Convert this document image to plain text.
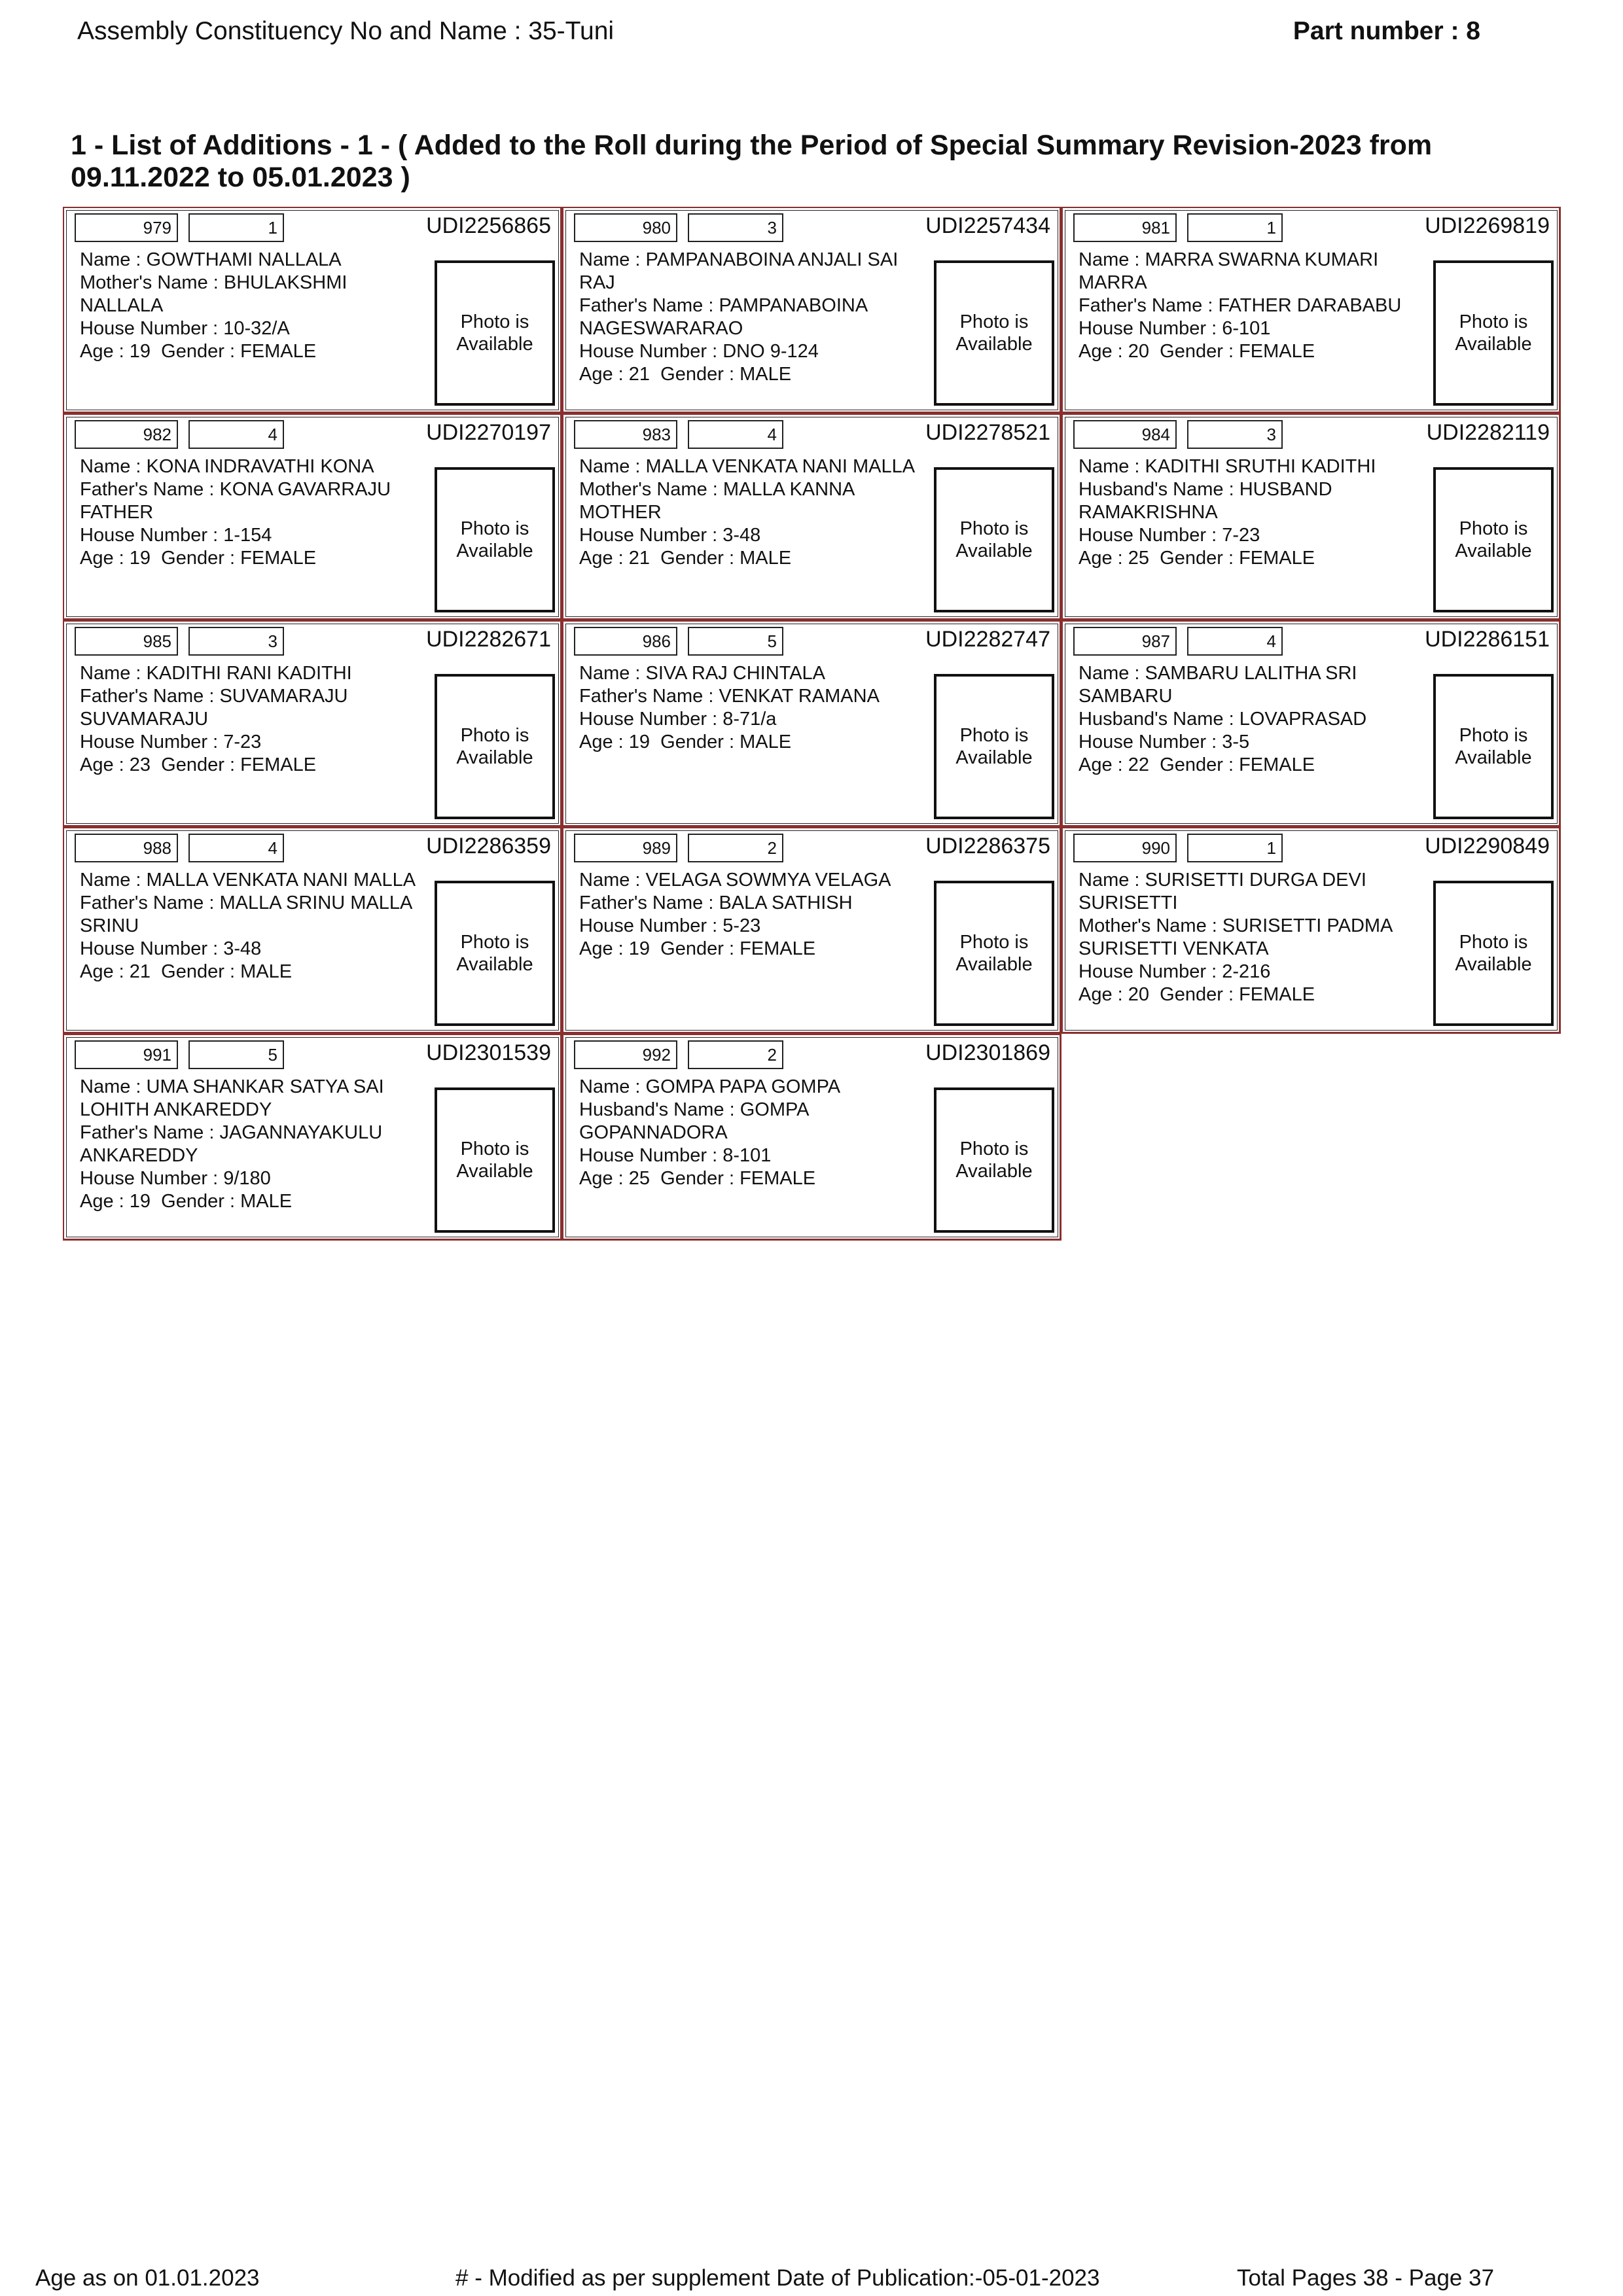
Assembly Constituency No and Name : 35-Tuni	Part number : 8
1 - List of Additions - 1 - ( Added to the Roll during the Period of Special Summary Revision-2023 from 09.11.2022 to 05.01.2023 )
979	1	UDI2256865
Name : GOWTHAMI NALLALA
Mother's Name : BHULAKSHMI NALLALA
House Number : 10-32/A
Age : 19 Gender : FEMALE
Photo is
Available
980	3	UDI2257434
Name : PAMPANABOINA ANJALI SAI RAJ
Father's Name : PAMPANABOINA NAGESWARARAO
House Number : DNO 9-124
Age : 21 Gender : MALE
Photo is
Available
981	1	UDI2269819
Name : MARRA SWARNA KUMARI MARRA
Father's Name : FATHER DARABABU
House Number : 6-101
Age : 20 Gender : FEMALE
Photo is
Available
982	4	UDI2270197
Name : KONA INDRAVATHI KONA
Father's Name : KONA GAVARRAJU FATHER
House Number : 1-154
Age : 19 Gender : FEMALE
Photo is
Available
983	4	UDI2278521
Name : MALLA VENKATA NANI MALLA
Mother's Name : MALLA KANNA MOTHER
House Number : 3-48
Age : 21 Gender : MALE
Photo is
Available
984	3	UDI2282119
Name : KADITHI SRUTHI KADITHI
Husband's Name : HUSBAND RAMAKRISHNA
House Number : 7-23
Age : 25 Gender : FEMALE
Photo is
Available
985	3	UDI2282671
Name : KADITHI RANI KADITHI
Father's Name : SUVAMARAJU SUVAMARAJU
House Number : 7-23
Age : 23 Gender : FEMALE
Photo is
Available
986	5	UDI2282747
Name : SIVA RAJ CHINTALA
Father's Name : VENKAT RAMANA
House Number : 8-71/a
Age : 19 Gender : MALE	Photo is
Available
987	4	UDI2286151
Name : SAMBARU LALITHA SRI SAMBARU
Husband's Name : LOVAPRASAD
House Number : 3-5
Age : 22 Gender : FEMALE
Photo is
Available
988	4	UDI2286359
Name : MALLA VENKATA NANI MALLA
Father's Name : MALLA SRINU MALLA SRINU
House Number : 3-48
Age : 21 Gender : MALE
Photo is
Available
989	2	UDI2286375
Name : VELAGA SOWMYA VELAGA
Father's Name : BALA SATHISH
House Number : 5-23
Age : 19 Gender : FEMALE	Photo is
Available
990	1	UDI2290849
Name : SURISETTI DURGA DEVI SURISETTI
Mother's Name : SURISETTI PADMA SURISETTI VENKATA
House Number : 2-216
Age : 20 Gender : FEMALE
Photo is
Available
991	5	UDI2301539
Name : UMA SHANKAR SATYA SAI LOHITH ANKAREDDY
Father's Name : JAGANNAYAKULU ANKAREDDY
House Number : 9/180
Age : 19 Gender : MALE
Photo is
Available
992	2	UDI2301869
Name : GOMPA PAPA GOMPA
Husband's Name : GOMPA GOPANNADORA
House Number : 8-101
Age : 25 Gender : FEMALE
Photo is
Available
Age as on 01.01.2023	# - Modified as per supplement Date of Publication:-05-01-2023	Total Pages 38 - Page 37
